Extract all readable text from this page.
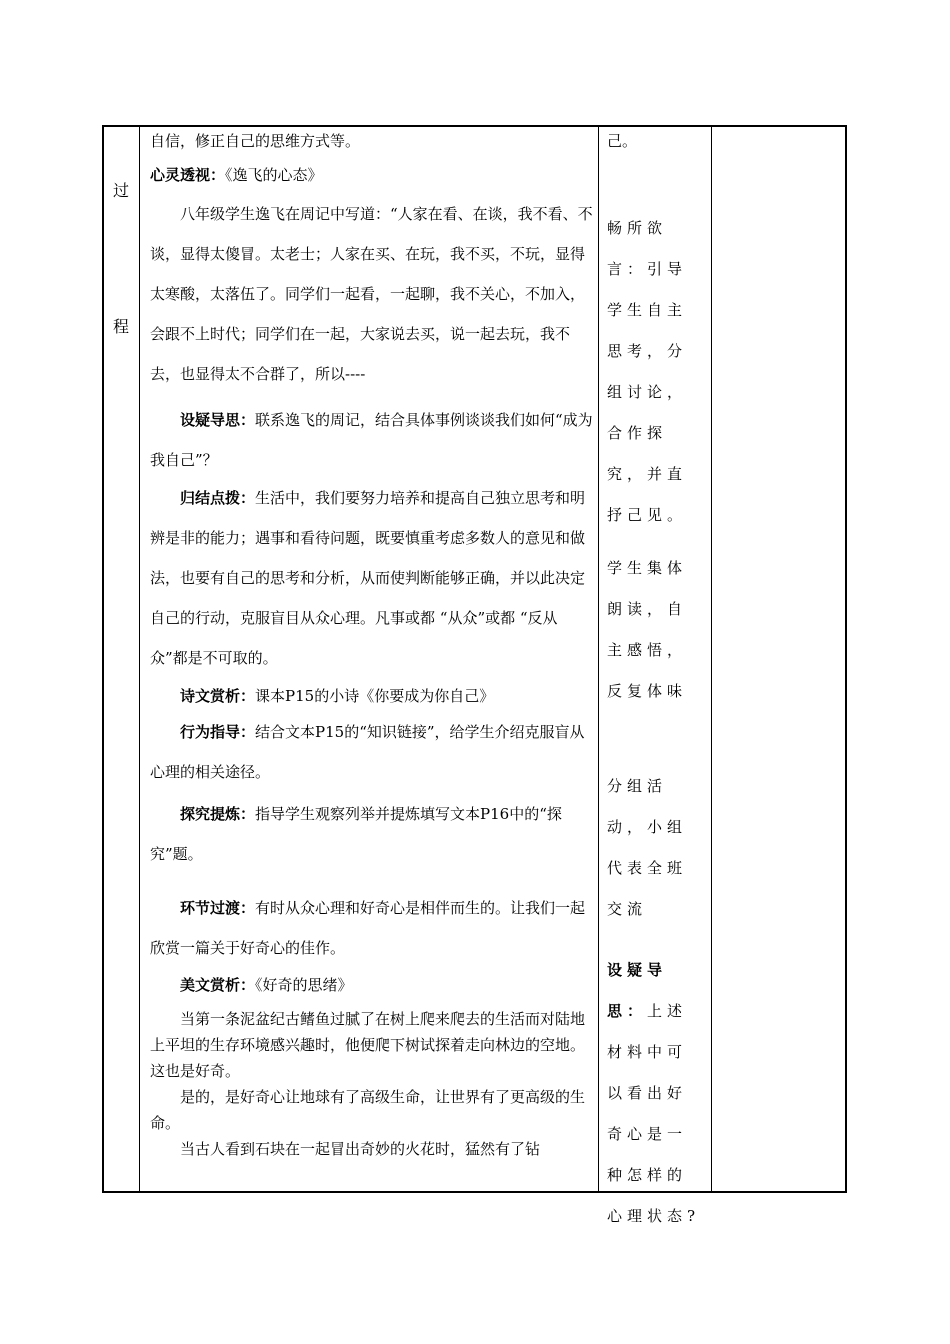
过
程

自信，修正自己的思维方式等。

心灵透视：《逸飞的心态》

八年级学生逸飞在周记中写道：“人家在看、在谈，我不看、不谈，显得太傻冒。太老士；人家在买、在玩，我不买，不玩，显得太寒酸，太落伍了。同学们一起看，一起聊，我不关心，不加入，会跟不上时代；同学们在一起，大家说去买，说一起去玩，我不去，也显得太不合群了，所以----

设疑导思：联系逸飞的周记，结合具体事例谈谈我们如何“成为我自己”？

归结点拨：生活中，我们要努力培养和提高自己独立思考和明辨是非的能力；遇事和看待问题，既要慎重考虑多数人的意见和做法，也要有自己的思考和分析，从而使判断能够正确，并以此决定自己的行动，克服盲目从众心理。凡事或都 “从众”或都 “反从众”都是不可取的。

诗文赏析：课本P15的小诗《你要成为你自己》

行为指导：结合文本P15的“知识链接”，给学生介绍克服盲从心理的相关途径。

探究提炼：指导学生观察列举并提炼填写文本P16中的“探究”题。

环节过渡：有时从众心理和好奇心是相伴而生的。让我们一起欣赏一篇关于好奇心的佳作。

美文赏析：《好奇的思绪》

当第一条泥盆纪古鳍鱼过腻了在树上爬来爬去的生活而对陆地上平坦的生存环境感兴趣时，他便爬下树试探着走向林边的空地。这也是好奇。

是的，是好奇心让地球有了高级生命，让世界有了更高级的生命。

当古人看到石块在一起冒出奇妙的火花时，猛然有了钻

己。

畅所欲言：引导学生自主思考，分组讨论，合作探究，并直抒己见。

学生集体朗读，自主感悟，反复体味

分组活动，小组代表全班交流

设疑导思：上述材料中可以看出好奇心是一种怎样的心理状态?
